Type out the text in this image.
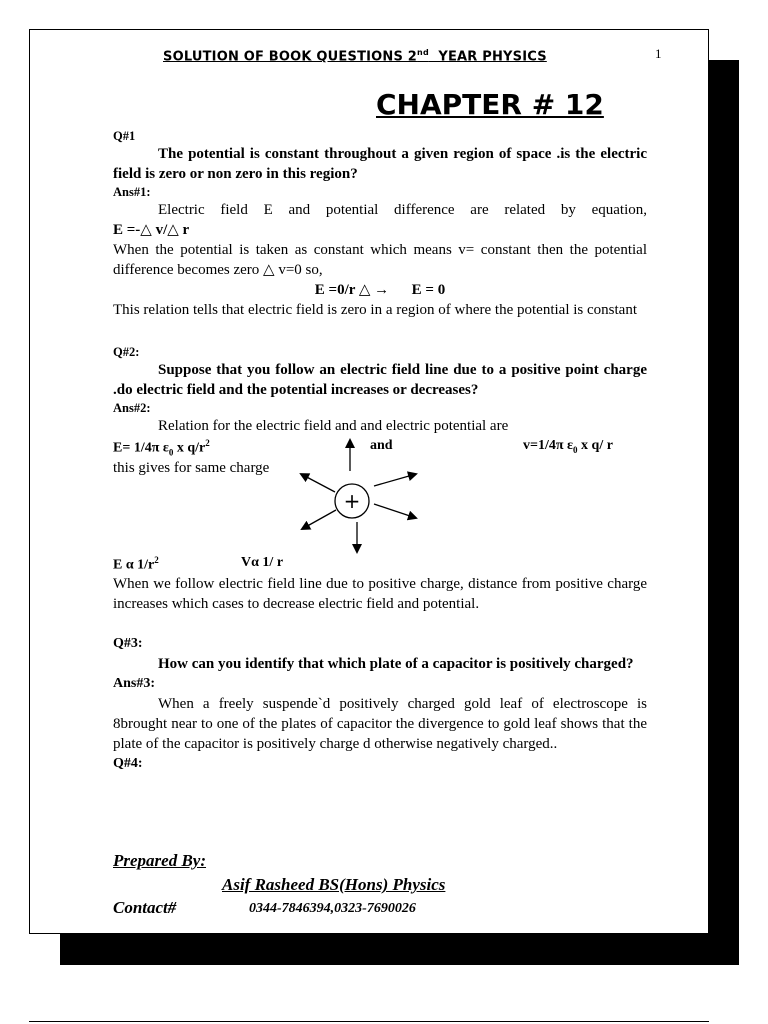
SOLUTION OF BOOK QUESTIONS 2nd  YEAR PHYSICS	1
CHAPTER # 12
Q#1
The potential is constant throughout a given region of space .is the electric field is zero or non zero in this region?
Ans#1:
Electric field E and potential difference are related by equation,
E =-△ v/△ r
When the potential is taken as constant which means v= constant then the potential difference becomes zero △ v=0 so,
E =0/r △ →      E = 0
This relation tells that electric field is zero in a region of where the potential is constant
Q#2:
Suppose that you follow an electric field line due to a positive point charge .do electric field and the potential increases or decreases?
Ans#2:
Relation for the electric field and and electric potential are
E= 1/4π $\varepsilon_0$ x $q/r^2$	and	v=1/4π $\varepsilon_0$ x q/ r
this gives for same charge
+
E α $1/r^2$	Vα 1/ r
When we follow electric field line due to positive charge, distance from positive charge increases which cases to decrease electric field and potential.
Q#3:
How can you identify that which plate of a capacitor is positively charged?
Ans#3:
When a freely suspende`d positively charged gold leaf of electroscope is 8brought near to one of the plates of capacitor the divergence to gold leaf shows that the plate of the capacitor is positively charge d otherwise negatively charged..
Q#4:
Prepared By:
Asif Rasheed BS(Hons) Physics
Contact#	0344-7846394,0323-7690026
